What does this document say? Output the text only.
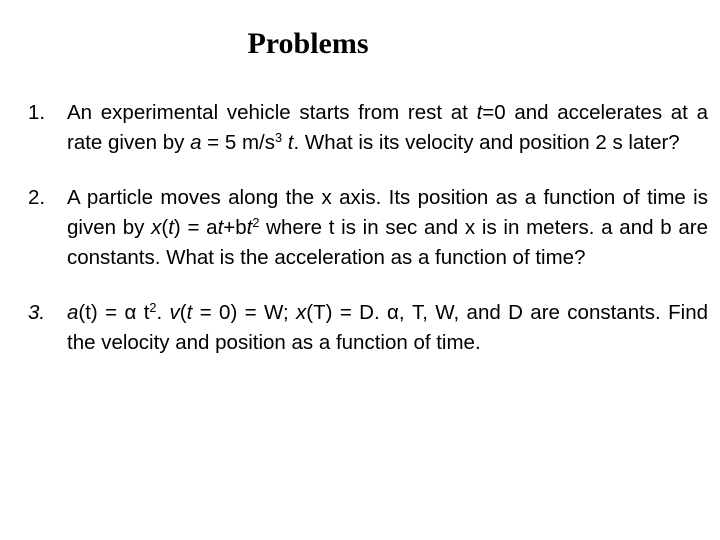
Problems
1.	An experimental vehicle starts from rest at t=0 and accelerates at a rate given by a = 5 $m/s^3$ t. What is its velocity and position 2 s later?
2.	A particle moves along the x axis. Its position as a function of time is given by $x(t) = at+bt^2$ where t is in sec and x is in meters. a and b are constants. What is the acceleration as a function of time?
3.	a(t) = α $t^2$. v(t = 0) = W; x(T) = D. α, T, W, and D are constants. Find the velocity and position as a function of time.
